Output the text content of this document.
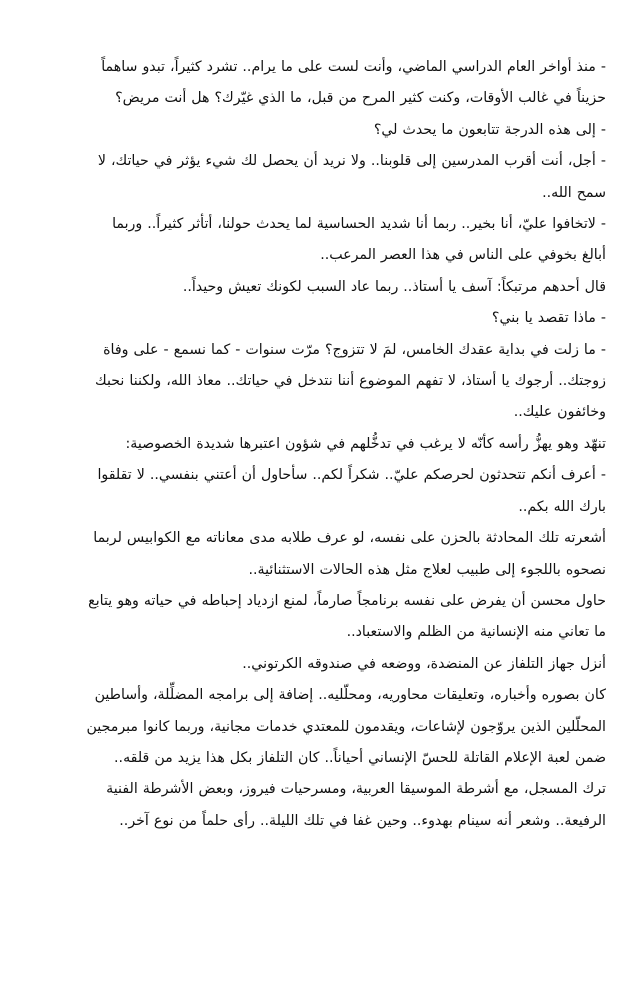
- منذ أواخر العام الدراسي الماضي، وأنت لست على ما يرام.. تشرد كثيراً، تبدو ساهماً
حزيناً في غالب الأوقات، وكنت كثير المرح من قبل، ما الذي غيّرك؟ هل أنت مريض؟

- إلى هذه الدرجة تتابعون ما يحدث لي؟

- أجل، أنت أقرب المدرسين إلى قلوبنا.. ولا نريد أن يحصل لك شيء يؤثر في حياتك، لا
سمح الله..

- لاتخافوا عليّ، أنا بخير.. ربما أنا شديد الحساسية لما يحدث حولنا، أتأثر كثيراً.. وربما
أبالغ بخوفي على الناس في هذا العصر المرعب..

قال أحدهم مرتبكاً: آسف يا أستاذ.. ربما عاد السبب لكونك تعيش وحيداً..

- ماذا تقصد يا بني؟

- ما زلت في بداية عقدك الخامس، لمَ لا تتزوج؟ مرّت سنوات - كما نسمع - على وفاة
زوجتك.. أرجوك يا أستاذ، لا تفهم الموضوع أننا نتدخل في حياتك.. معاذ الله، ولكننا نحبك
وخائفون عليك..

تنهّد وهو يهزُّ رأسه كأنّه لا يرغب في تدخُّلهم في شؤون اعتبرها شديدة الخصوصية:

- أعرف أنكم تتحدثون لحرصكم عليّ.. شكراً لكم.. سأحاول أن أعتني بنفسي.. لا تقلقوا
بارك الله بكم..

أشعرته تلك المحادثة بالحزن على نفسه، لو عرف طلابه مدى معاناته مع الكوابيس لربما
نصحوه باللجوء إلى طبيب لعلاج مثل هذه الحالات الاستثنائية..

حاول محسن أن يفرض على نفسه برنامجاً صارماً، لمنع ازدياد إحباطه في حياته وهو يتابع
ما تعاني منه الإنسانية من الظلم والاستعباد..

أنزل جهاز التلفاز عن المنضدة، ووضعه في صندوقه الكرتوني..

كان بصوره وأخباره، وتعليقات محاوريه، ومحلّليه.. إضافة إلى برامجه المضلِّلة، وأساطين
المحلّلين الذين يروّجون لإشاعات، ويقدمون للمعتدي خدمات مجانية، وربما كانوا مبرمجين
ضمن لعبة الإعلام القاتلة للحسّ الإنساني أحياناً.. كان التلفاز بكل هذا يزيد من قلقه..

ترك المسجل، مع أشرطة الموسيقا العربية، ومسرحيات فيروز، وبعض الأشرطة الفنية
الرفيعة.. وشعر أنه سينام بهدوء.. وحين غفا في تلك الليلة.. رأى حلماً من نوع آخر..
